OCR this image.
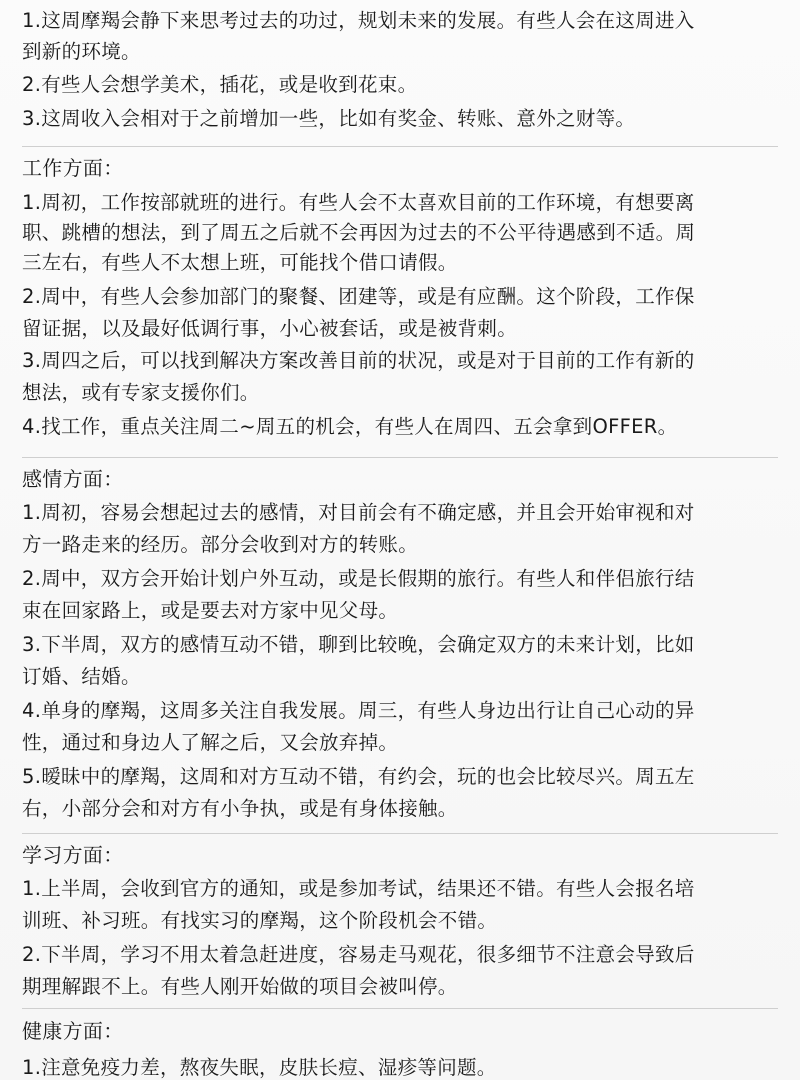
1.这周摩羯会静下来思考过去的功过，规划未来的发展。有些人会在这周进入
到新的环境。
2.有些人会想学美术，插花，或是收到花束。
3.这周收入会相对于之前增加一些，比如有奖金、转账、意外之财等。
工作方面：
1.周初，工作按部就班的进行。有些人会不太喜欢目前的工作环境，有想要离
职、跳槽的想法，到了周五之后就不会再因为过去的不公平待遇感到不适。周
三左右，有些人不太想上班，可能找个借口请假。
2.周中，有些人会参加部门的聚餐、团建等，或是有应酬。这个阶段，工作保
留证据，以及最好低调行事，小心被套话，或是被背刺。
3.周四之后，可以找到解决方案改善目前的状况，或是对于目前的工作有新的
想法，或有专家支援你们。
4.找工作，重点关注周二~周五的机会，有些人在周四、五会拿到OFFER。
感情方面：
1.周初，容易会想起过去的感情，对目前会有不确定感，并且会开始审视和对
方一路走来的经历。部分会收到对方的转账。
2.周中，双方会开始计划户外互动，或是长假期的旅行。有些人和伴侣旅行结
束在回家路上，或是要去对方家中见父母。
3.下半周，双方的感情互动不错，聊到比较晚，会确定双方的未来计划，比如
订婚、结婚。
4.单身的摩羯，这周多关注自我发展。周三，有些人身边出行让自己心动的异
性，通过和身边人了解之后，又会放弃掉。
5.暧昧中的摩羯，这周和对方互动不错，有约会，玩的也会比较尽兴。周五左
右，小部分会和对方有小争执，或是有身体接触。
学习方面：
1.上半周，会收到官方的通知，或是参加考试，结果还不错。有些人会报名培
训班、补习班。有找实习的摩羯，这个阶段机会不错。
2.下半周，学习不用太着急赶进度，容易走马观花，很多细节不注意会导致后
期理解跟不上。有些人刚开始做的项目会被叫停。
健康方面：
1.注意免疫力差，熬夜失眠，皮肤长痘、湿疹等问题。
